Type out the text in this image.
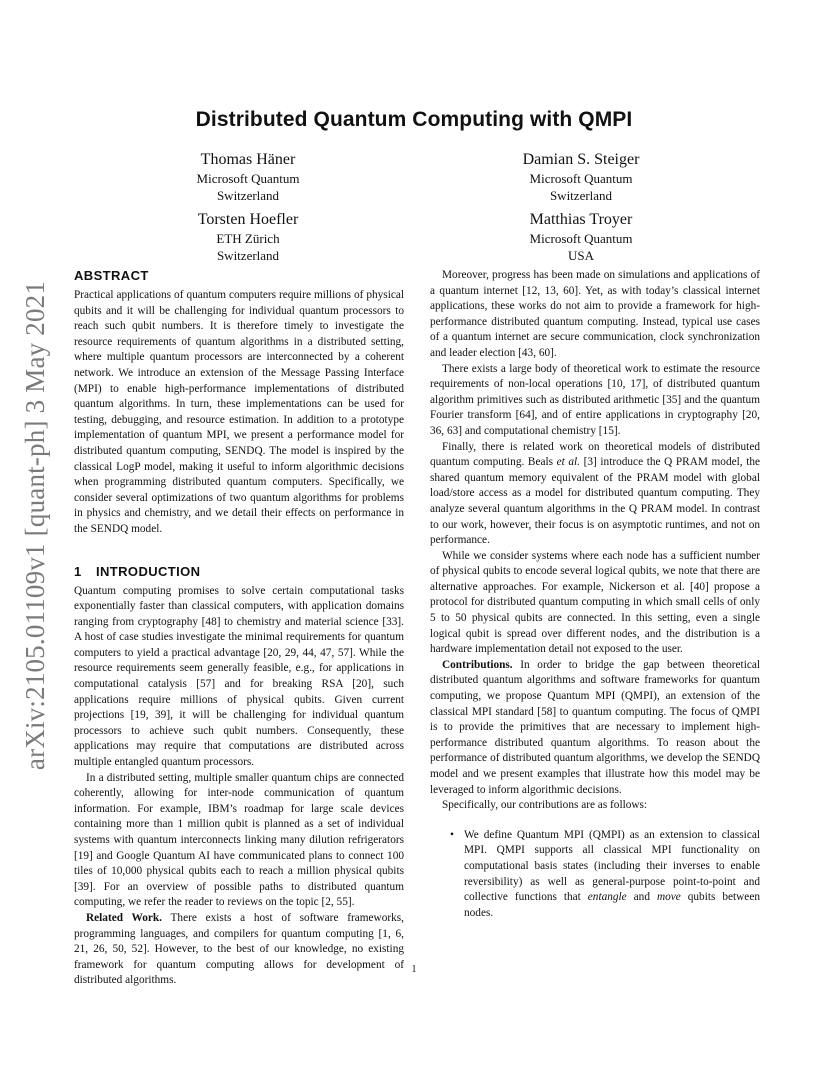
arXiv:2105.01109v1 [quant-ph] 3 May 2021
Distributed Quantum Computing with QMPI
Thomas Häner
Microsoft Quantum
Switzerland
Damian S. Steiger
Microsoft Quantum
Switzerland
Torsten Hoefler
ETH Zürich
Switzerland
Matthias Troyer
Microsoft Quantum
USA
ABSTRACT

Practical applications of quantum computers require millions of physical qubits and it will be challenging for individual quantum processors to reach such qubit numbers. It is therefore timely to investigate the resource requirements of quantum algorithms in a distributed setting, where multiple quantum processors are interconnected by a coherent network. We introduce an extension of the Message Passing Interface (MPI) to enable high-performance implementations of distributed quantum algorithms. In turn, these implementations can be used for testing, debugging, and resource estimation. In addition to a prototype implementation of quantum MPI, we present a performance model for distributed quantum computing, SENDQ. The model is inspired by the classical LogP model, making it useful to inform algorithmic decisions when programming distributed quantum computers. Specifically, we consider several optimizations of two quantum algorithms for problems in physics and chemistry, and we detail their effects on performance in the SENDQ model.

1 INTRODUCTION

Quantum computing promises to solve certain computational tasks exponentially faster than classical computers, with application domains ranging from cryptography [48] to chemistry and material science [33]. A host of case studies investigate the minimal requirements for quantum computers to yield a practical advantage [20, 29, 44, 47, 57]. While the resource requirements seem generally feasible, e.g., for applications in computational catalysis [57] and for breaking RSA [20], such applications require millions of physical qubits. Given current projections [19, 39], it will be challenging for individual quantum processors to achieve such qubit numbers. Consequently, these applications may require that computations are distributed across multiple entangled quantum processors.

In a distributed setting, multiple smaller quantum chips are connected coherently, allowing for inter-node communication of quantum information. For example, IBM’s roadmap for large scale devices containing more than 1 million qubit is planned as a set of individual systems with quantum interconnects linking many dilution refrigerators [19] and Google Quantum AI have communicated plans to connect 100 tiles of 10,000 physical qubits each to reach a million physical qubits [39]. For an overview of possible paths to distributed quantum computing, we refer the reader to reviews on the topic [2, 55].

Related Work. There exists a host of software frameworks, programming languages, and compilers for quantum computing [1, 6, 21, 26, 50, 52]. However, to the best of our knowledge, no existing framework for quantum computing allows for development of distributed algorithms.

Moreover, progress has been made on simulations and applications of a quantum internet [12, 13, 60]. Yet, as with today’s classical internet applications, these works do not aim to provide a framework for high-performance distributed quantum computing. Instead, typical use cases of a quantum internet are secure communication, clock synchronization and leader election [43, 60].

There exists a large body of theoretical work to estimate the resource requirements of non-local operations [10, 17], of distributed quantum algorithm primitives such as distributed arithmetic [35] and the quantum Fourier transform [64], and of entire applications in cryptography [20, 36, 63] and computational chemistry [15].

Finally, there is related work on theoretical models of distributed quantum computing. Beals et al. [3] introduce the Q PRAM model, the shared quantum memory equivalent of the PRAM model with global load/store access as a model for distributed quantum computing. They analyze several quantum algorithms in the Q PRAM model. In contrast to our work, however, their focus is on asymptotic runtimes, and not on performance.

While we consider systems where each node has a sufficient number of physical qubits to encode several logical qubits, we note that there are alternative approaches. For example, Nickerson et al. [40] propose a protocol for distributed quantum computing in which small cells of only 5 to 50 physical qubits are connected. In this setting, even a single logical qubit is spread over different nodes, and the distribution is a hardware implementation detail not exposed to the user.

Contributions. In order to bridge the gap between theoretical distributed quantum algorithms and software frameworks for quantum computing, we propose Quantum MPI (QMPI), an extension of the classical MPI standard [58] to quantum computing. The focus of QMPI is to provide the primitives that are necessary to implement high-performance distributed quantum algorithms. To reason about the performance of distributed quantum algorithms, we develop the SENDQ model and we present examples that illustrate how this model may be leveraged to inform algorithmic decisions.

Specifically, our contributions are as follows:

• We define Quantum MPI (QMPI) as an extension to classical MPI. QMPI supports all classical MPI functionality on computational basis states (including their inverses to enable reversibility) as well as general-purpose point-to-point and collective functions that entangle and move qubits between nodes.
1
